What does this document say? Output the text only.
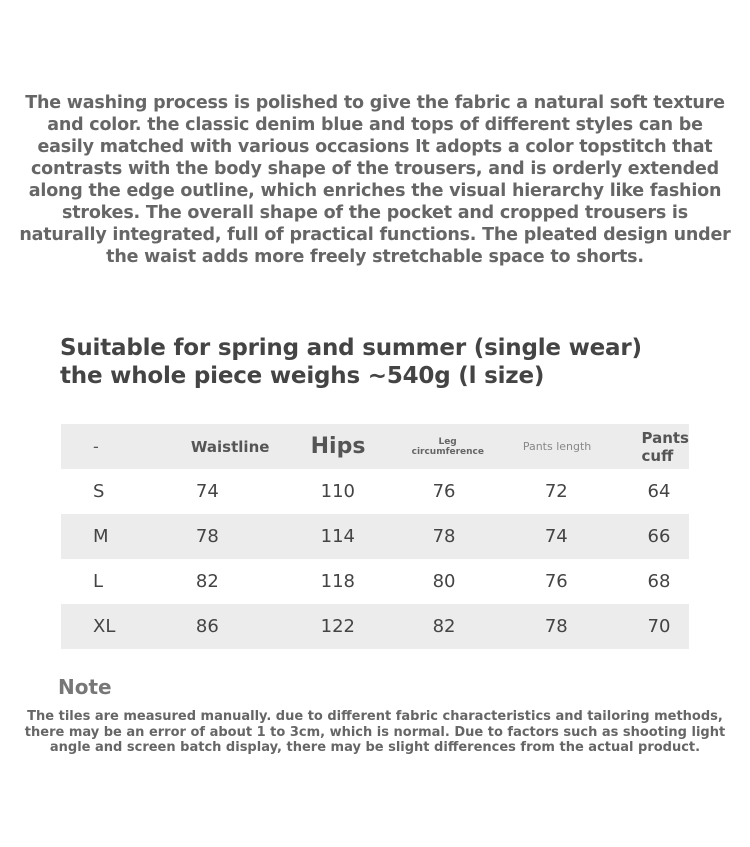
The washing process is polished to give the fabric a natural soft texture
and color. the classic denim blue and tops of different styles can be
easily matched with various occasions It adopts a color topstitch that
contrasts with the body shape of the trousers, and is orderly extended
along the edge outline, which enriches the visual hierarchy like fashion
strokes. The overall shape of the pocket and cropped trousers is
naturally integrated, full of practical functions. The pleated design under
the waist adds more freely stretchable space to shorts.
Suitable for spring and summer (single wear)
the whole piece weighs ~540g (l size)
-	Waistline	Hips	Leg
circumference	Pants length	Pants cuff
S	74	110	76	72	64
M	78	114	78	74	66
L	82	118	80	76	68
XL	86	122	82	78	70
Note
The tiles are measured manually. due to different fabric characteristics and tailoring methods,
there may be an error of about 1 to 3cm, which is normal. Due to factors such as shooting light
angle and screen batch display, there may be slight differences from the actual product.
